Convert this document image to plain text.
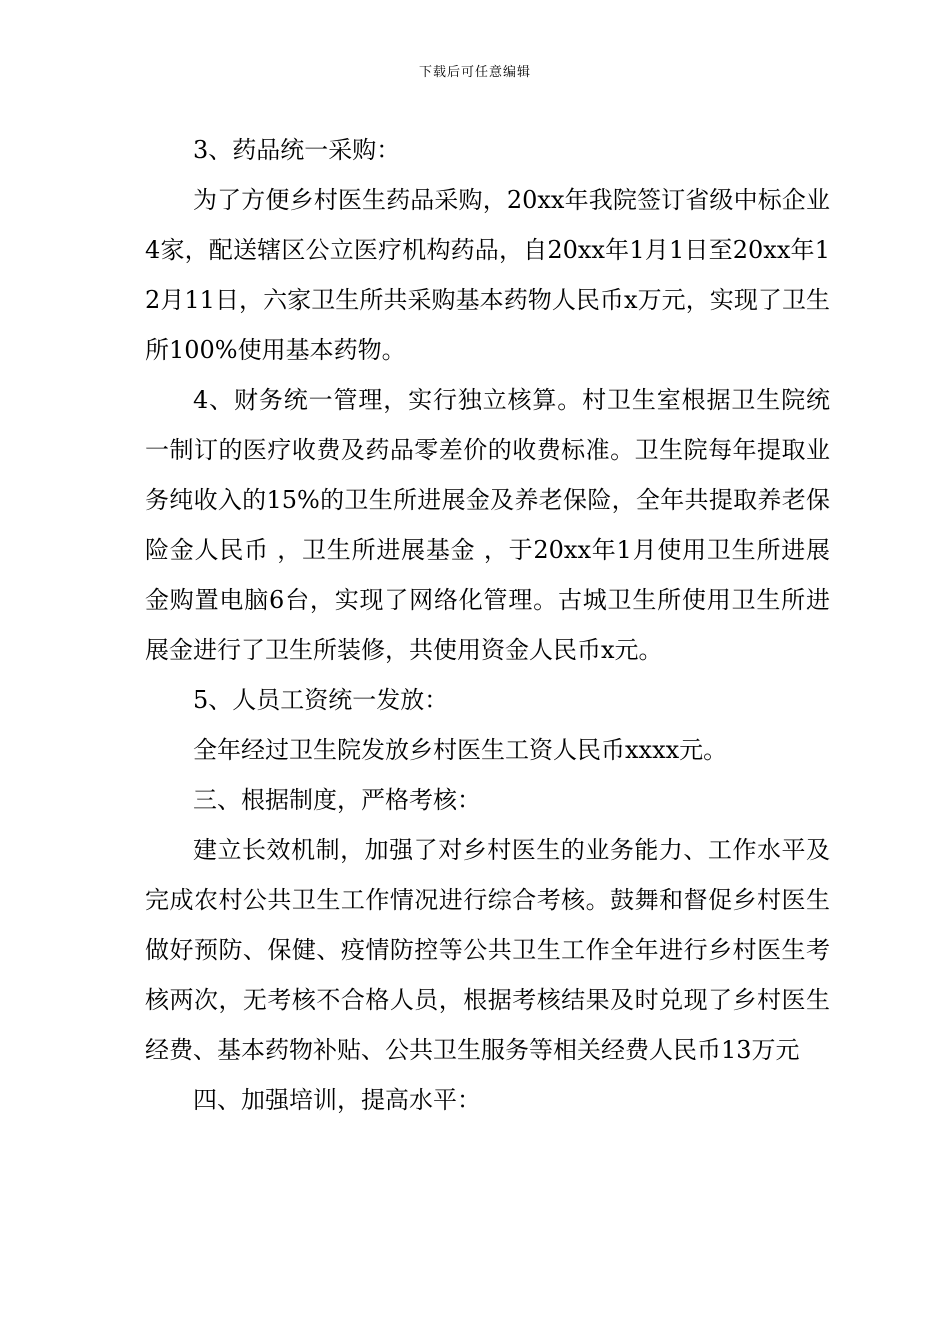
下载后可任意编辑

3、药品统一采购：

为了方便乡村医生药品采购，20xx年我院签订省级中标企业4家，配送辖区公立医疗机构药品，自20xx年1月1日至20xx年12月11日，六家卫生所共采购基本药物人民币x万元，实现了卫生所100%使用基本药物。

4、财务统一管理，实行独立核算。村卫生室根据卫生院统一制订的医疗收费及药品零差价的收费标准。卫生院每年提取业务纯收入的15%的卫生所进展金及养老保险，全年共提取养老保险金人民币 ，卫生所进展基金 ，于20xx年1月使用卫生所进展金购置电脑6台，实现了网络化管理。古城卫生所使用卫生所进展金进行了卫生所装修，共使用资金人民币x元。

5、人员工资统一发放：

全年经过卫生院发放乡村医生工资人民币xxxx元。

三、根据制度，严格考核：

建立长效机制，加强了对乡村医生的业务能力、工作水平及完成农村公共卫生工作情况进行综合考核。鼓舞和督促乡村医生做好预防、保健、疫情防控等公共卫生工作全年进行乡村医生考核两次，无考核不合格人员，根据考核结果及时兑现了乡村医生经费、基本药物补贴、公共卫生服务等相关经费人民币13万元

四、加强培训，提高水平：
